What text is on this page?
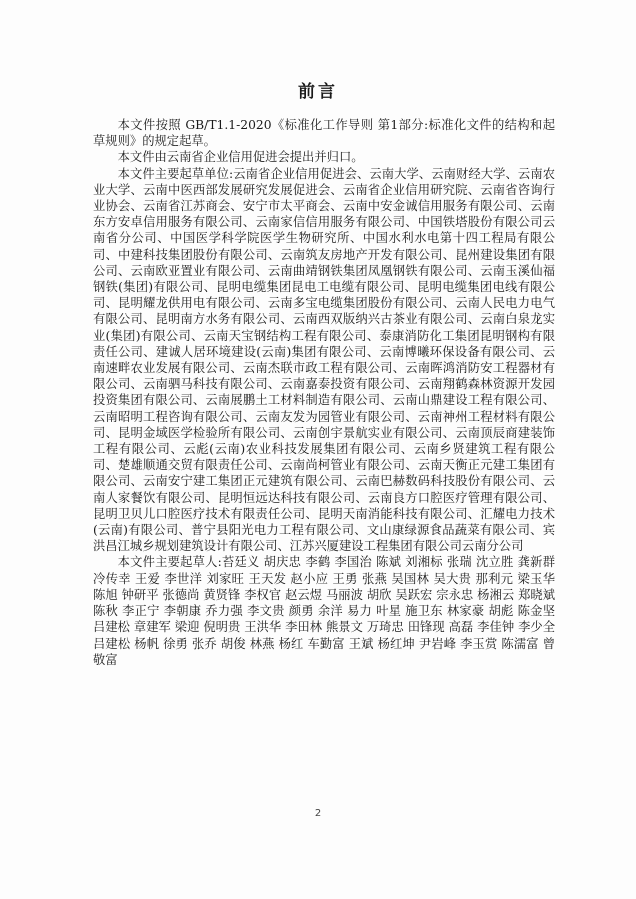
前言

本文件按照 GB/T1.1-2020《标准化工作导则 第1部分:标准化文件的结构和起草规则》的规定起草。

本文件由云南省企业信用促进会提出并归口。

本文件主要起草单位:云南省企业信用促进会、云南大学、云南财经大学、云南农业大学、云南中医西部发展研究发展促进会、云南省企业信用研究院、云南省咨询行业协会、云南省江苏商会、安宁市太平商会、云南中安金诚信用服务有限公司、云南东方安卓信用服务有限公司、云南家信信用服务有限公司、中国铁塔股份有限公司云南省分公司、中国医学科学院医学生物研究所、中国水利水电第十四工程局有限公司、中建科技集团股份有限公司、云南筑友房地产开发有限公司、昆州建设集团有限公司、云南欧亚置业有限公司、云南曲靖钢铁集团凤凰钢铁有限公司、云南玉溪仙福钢铁(集团)有限公司、昆明电缆集团昆电工电缆有限公司、昆明电缆集团电线有限公司、昆明耀龙供用电有限公司、云南多宝电缆集团股份有限公司、云南人民电力电气有限公司、昆明南方水务有限公司、云南西双版纳兴古茶业有限公司、云南白泉龙实业(集团)有限公司、云南天宝钢结构工程有限公司、泰康消防化工集团昆明钢构有限责任公司、建诚人居环境建设(云南)集团有限公司、云南博曦环保设备有限公司、云南速畔农业发展有限公司、云南杰联市政工程有限公司、云南晖鸿消防安工程器材有限公司、云南驷马科技有限公司、云南嘉泰投资有限公司、云南翔鹤森林资源开发园投资集团有限公司、云南展鹏土工材料制造有限公司、云南山鼎建设工程有限公司、云南昭明工程咨询有限公司、云南友发为园管业有限公司、云南神州工程材料有限公司、昆明金域医学检验所有限公司、云南创宇景航实业有限公司、云南顶辰商建装饰工程有限公司、云彪(云南)农业科技发展集团有限公司、云南乡贤建筑工程有限公司、楚雄顺通交贸有限责任公司、云南尚柯管业有限公司、云南天衡正元建工集团有限公司、云南安宁建工集团正元建筑有限公司、云南巴赫数码科技股份有限公司、云南人家餐饮有限公司、昆明恒远达科技有限公司、云南良方口腔医疗管理有限公司、昆明卫贝儿口腔医疗技术有限责任公司、昆明天南消能科技有限公司、汇耀电力技术(云南)有限公司、普宁县阳光电力工程有限公司、文山康绿源食品蔬菜有限公司、宾洪昌江城乡规划建筑设计有限公司、江苏兴厦建设工程集团有限公司云南分公司

本文件主要起草人:苔廷义 胡庆忠 李鹤 李国治 陈斌 刘湘标 张瑞 沈立胜 龚新群 冷传幸 王爱 李世洋 刘家旺 王天发 赵小应 王勇 张燕 吴国林 吴大贵 那利元 梁玉华 陈旭 钟研平 张德尚 黄贤锋 李权官 赵云煜 马丽波 胡欣 吴跃宏 宗永忠 杨湘云 郑晓斌 陈秋 李正宁 李朝康 乔力强 李文贵 颜勇 余洋 易力 叶星 施卫东 林家豪 胡彪 陈金坚 吕建松 章建军 梁迎 倪明贵 王洪华 李田林 熊景文 万琦忠 田锋现 高磊 李佳钟 李少全 吕建松 杨帆 徐勇 张乔 胡俊 林燕 杨红 车勤富 王斌 杨红坤 尹岩峰 李玉赏 陈濡富 曾敬富

2
